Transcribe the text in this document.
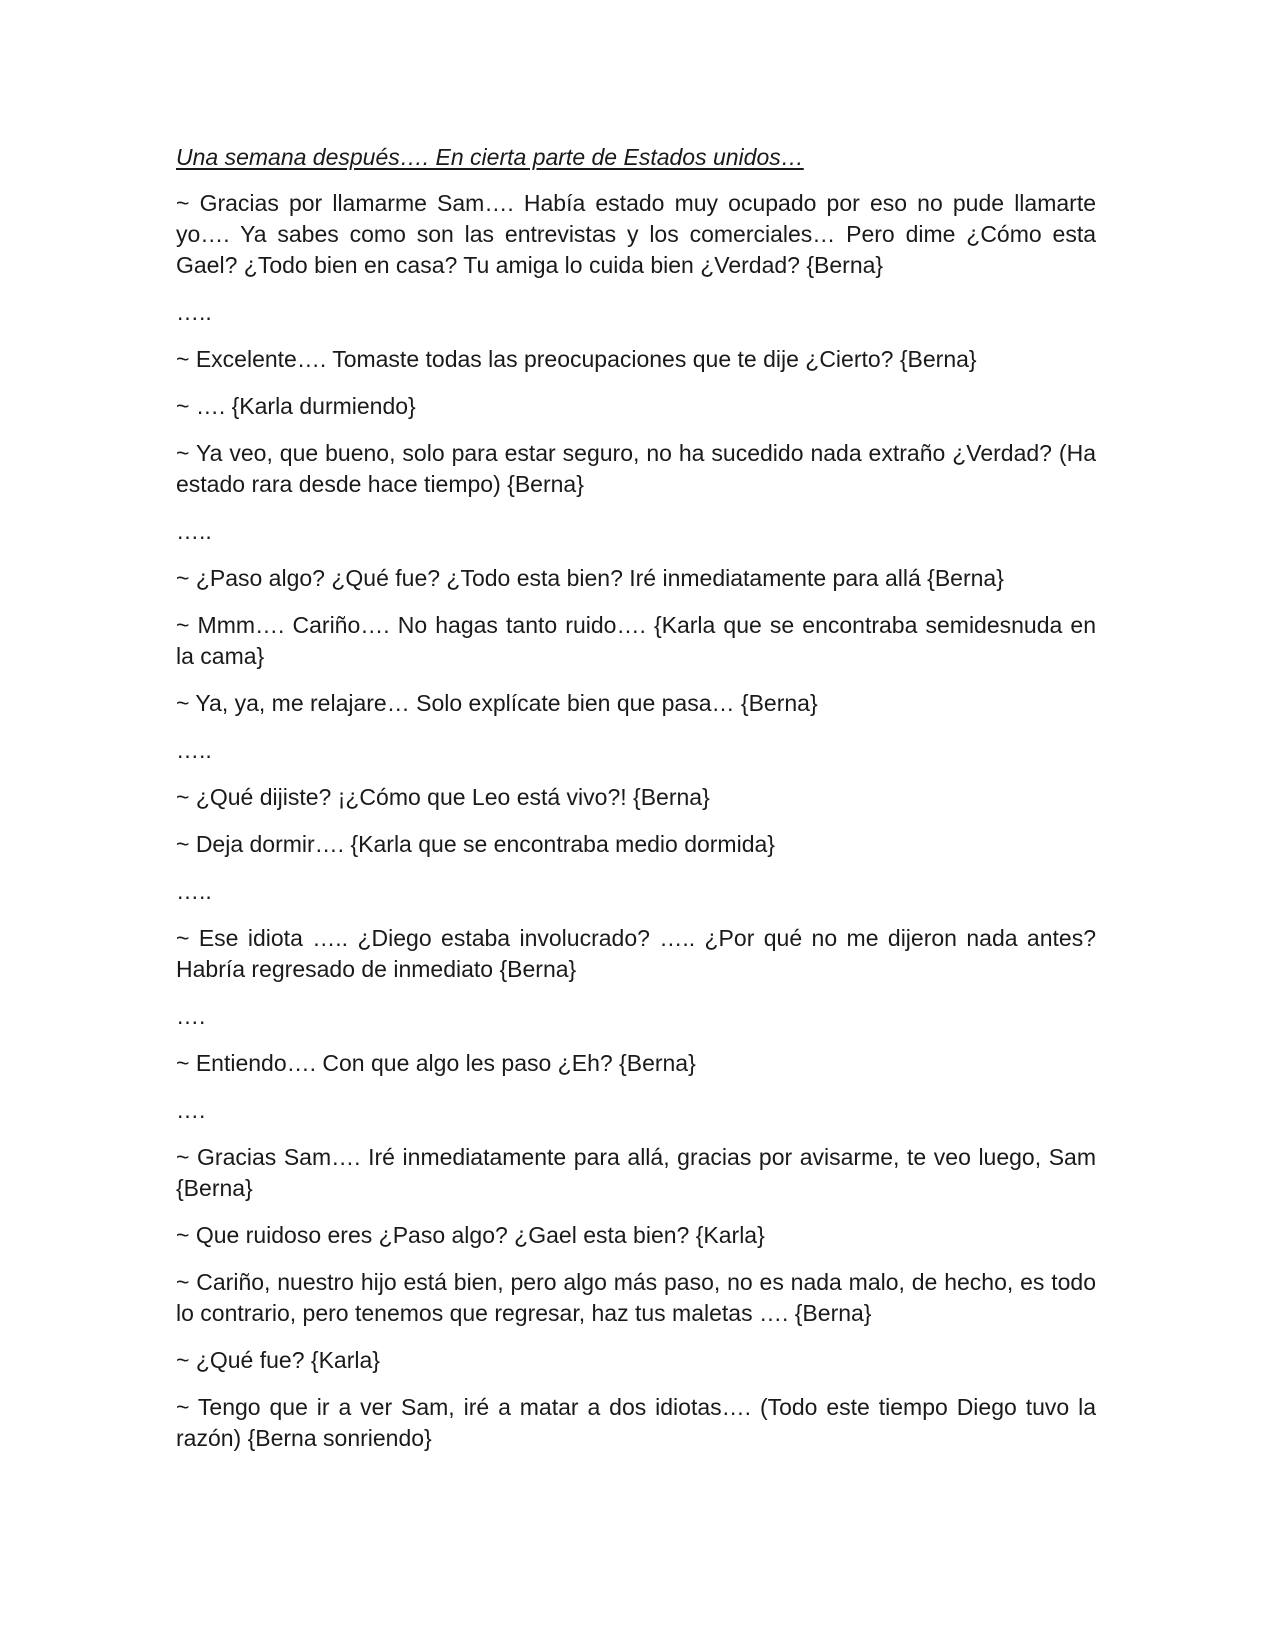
Una semana después…. En cierta parte de Estados unidos…

~ Gracias por llamarme Sam…. Había estado muy ocupado por eso no pude llamarte yo…. Ya sabes como son las entrevistas y los comerciales… Pero dime ¿Cómo esta Gael? ¿Todo bien en casa? Tu amiga lo cuida bien ¿Verdad? {Berna}

…..

~ Excelente…. Tomaste todas las preocupaciones que te dije ¿Cierto? {Berna}

~ …. {Karla durmiendo}

~ Ya veo, que bueno, solo para estar seguro, no ha sucedido nada extraño ¿Verdad? (Ha estado rara desde hace tiempo) {Berna}

…..

~ ¿Paso algo? ¿Qué fue? ¿Todo esta bien? Iré inmediatamente para allá {Berna}

~ Mmm…. Cariño…. No hagas tanto ruido…. {Karla que se encontraba semidesnuda en la cama}

~ Ya, ya, me relajare… Solo explícate bien que pasa… {Berna}

…..

~ ¿Qué dijiste? ¡¿Cómo que Leo está vivo?! {Berna}

~ Deja dormir…. {Karla que se encontraba medio dormida}

…..

~ Ese idiota ….. ¿Diego estaba involucrado? ….. ¿Por qué no me dijeron nada antes? Habría regresado de inmediato {Berna}

….

~ Entiendo…. Con que algo les paso ¿Eh? {Berna}

….

~ Gracias Sam…. Iré inmediatamente para allá, gracias por avisarme, te veo luego, Sam {Berna}

~ Que ruidoso eres ¿Paso algo? ¿Gael esta bien? {Karla}

~ Cariño, nuestro hijo está bien, pero algo más paso, no es nada malo, de hecho, es todo lo contrario, pero tenemos que regresar, haz tus maletas …. {Berna}

~ ¿Qué fue? {Karla}

~ Tengo que ir a ver Sam, iré a matar a dos idiotas…. (Todo este tiempo Diego tuvo la razón) {Berna sonriendo}
